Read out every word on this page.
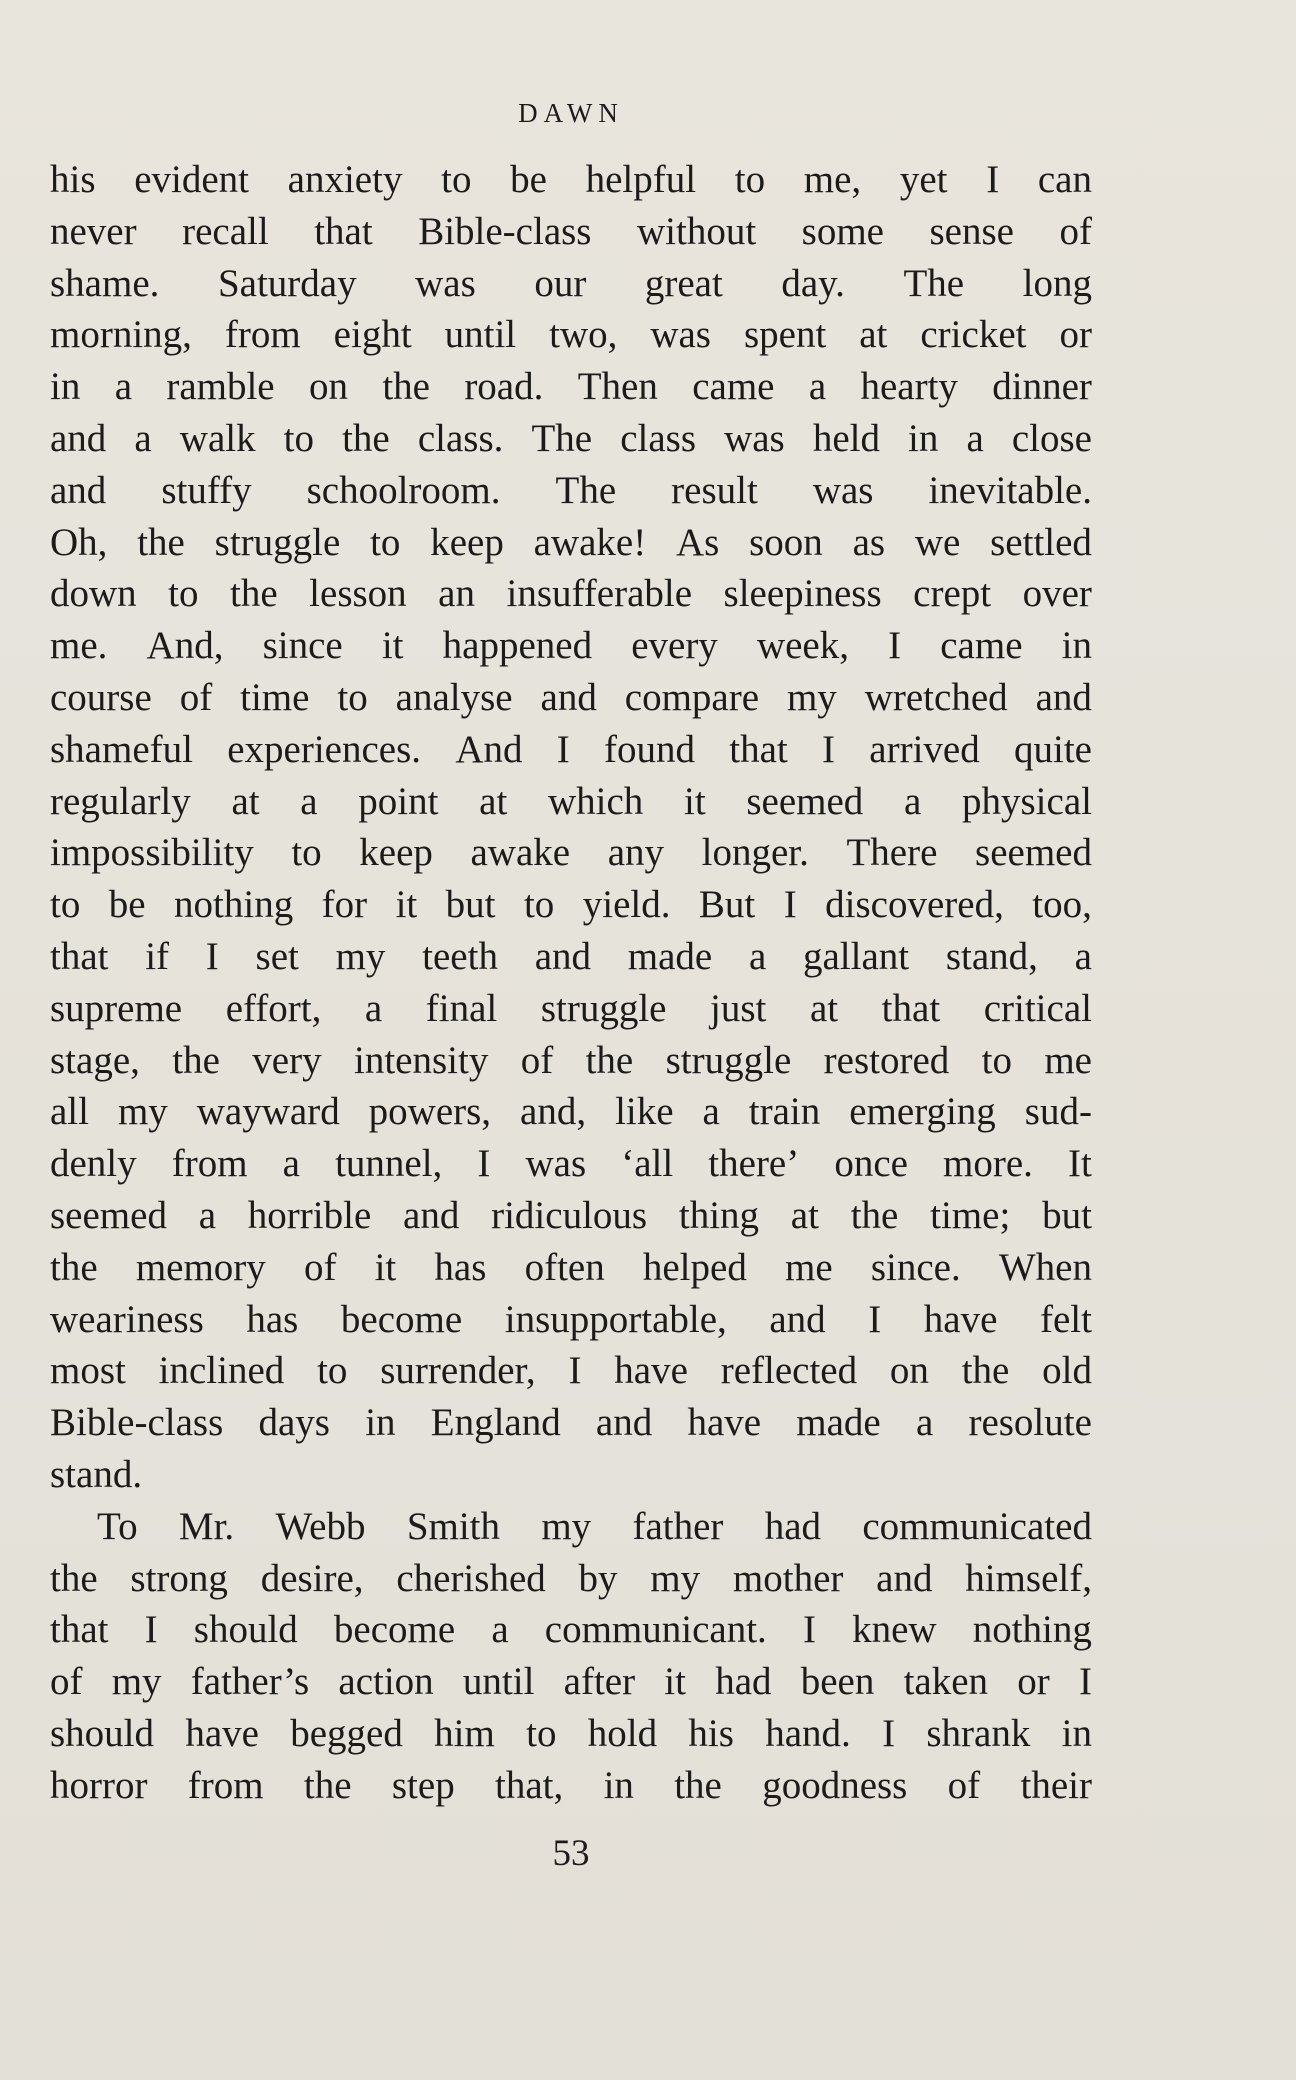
DAWN
his evident anxiety to be helpful to me, yet I can
never recall that Bible-class without some sense of
shame. Saturday was our great day. The long
morning, from eight until two, was spent at cricket or
in a ramble on the road. Then came a hearty dinner
and a walk to the class. The class was held in a close
and stuffy schoolroom. The result was inevitable.
Oh, the struggle to keep awake! As soon as we settled
down to the lesson an insufferable sleepiness crept over
me. And, since it happened every week, I came in
course of time to analyse and compare my wretched and
shameful experiences. And I found that I arrived quite
regularly at a point at which it seemed a physical
impossibility to keep awake any longer. There seemed
to be nothing for it but to yield. But I discovered, too,
that if I set my teeth and made a gallant stand, a
supreme effort, a final struggle just at that critical
stage, the very intensity of the struggle restored to me
all my wayward powers, and, like a train emerging sud-
denly from a tunnel, I was ‘all there’ once more. It
seemed a horrible and ridiculous thing at the time; but
the memory of it has often helped me since. When
weariness has become insupportable, and I have felt
most inclined to surrender, I have reflected on the old
Bible-class days in England and have made a resolute
stand.
To Mr. Webb Smith my father had communicated
the strong desire, cherished by my mother and himself,
that I should become a communicant. I knew nothing
of my father’s action until after it had been taken or I
should have begged him to hold his hand. I shrank in
horror from the step that, in the goodness of their
53
